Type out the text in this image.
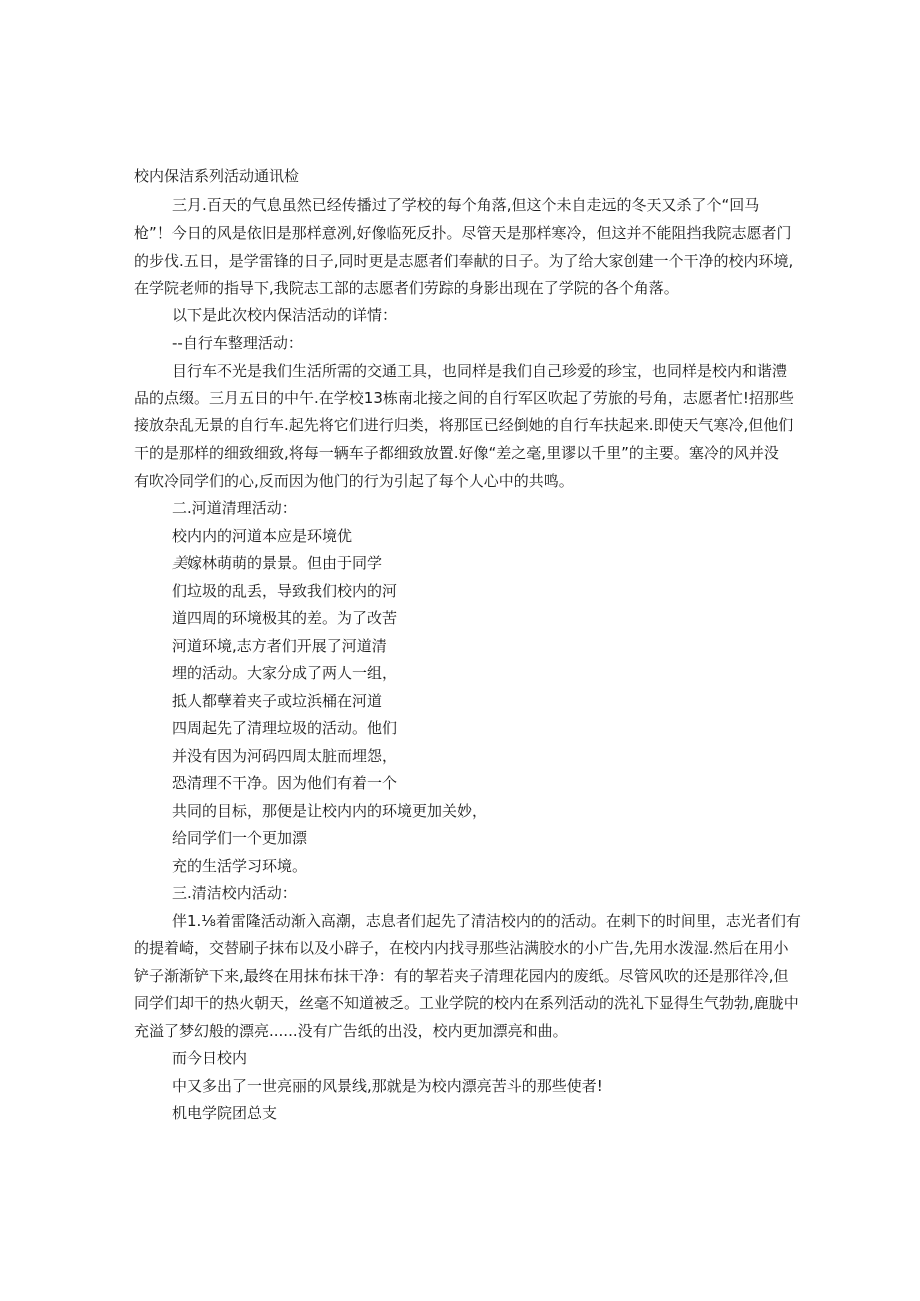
校内保洁系列活动通讯检
三月.百天的气息虽然已经传播过了学校的每个角落,但这个未自走远的冬天又杀了个“回马
枪”！今日的风是依旧是那样意冽,好像临死反扑。尽管天是那样寒冷，但这并不能阻挡我院志愿者门
的步伐.五日，是学雷锋的日子,同时更是志愿者们奉献的日子。为了给大家创建一个干净的校内环境,
在学院老师的指导下,我院志工部的志愿者们劳踪的身影出现在了学院的各个角落。
以下是此次校内保洁活动的详情：
--自行车整理活动：
目行车不光是我们生活所需的交通工具，也同样是我们自己珍爱的珍宝，也同样是校内和谐澧
品的点缀。三月五日的中午.在学校13栋南北接之间的自行军区吹起了劳旅的号角，志愿者忙!招那些
接放杂乱无景的自行车.起先将它们进行归类，将那匡已经倒她的自行车扶起来.即使天气寒冷,但他们
干的是那样的细致细致,将每一辆车子都细致放置.好像“差之毫,里谬以千里”的主要。塞冷的风并没
有吹冷同学们的心,反而因为他门的行为引起了每个人心中的共鸣。
二.河道清理活动：
校内内的河道本应是环境优
美嫁林萌萌的景景。但由于同学
们垃圾的乱丢，导致我们校内的河
道四周的环境极其的差。为了改苦
河道环境,志方者们开展了河道清
埋的活动。大家分成了两人一组，
抵人都孽着夹子或垃浜桶在河道
四周起先了清理垃圾的活动。他们
并没有因为河码四周太脏而埋怨，
恐清理不干净。因为他们有着一个
共同的目标，那便是让校内内的环境更加关妙，
给同学们一个更加漂
充的生活学习环境。
三.清洁校内活动：
伴1.⅛着雷隆活动渐入高潮，志息者们起先了清洁校内的的活动。在刺下的时间里，志光者们有
的提着崎，交替刷子抹布以及小辟子，在校内内找寻那些沾满胶水的小广告,先用水泼湿.然后在用小
铲子渐渐铲下来,最终在用抹布抹干净：有的挈若夹子清理花园内的废纸。尽管风吹的还是那徉冷,但
同学们却干的热火朝天，丝毫不知道被乏。工业学院的校内在系列活动的洗礼下显得生气勃勃,鹿胧中
充溢了梦幻般的漂亮......没有广告纸的出没，校内更加漂亮和曲。
而今日校内
中又多出了一世亮丽的风景线,那就是为校内漂亮苦斗的那些使者!
机电学院团总支
